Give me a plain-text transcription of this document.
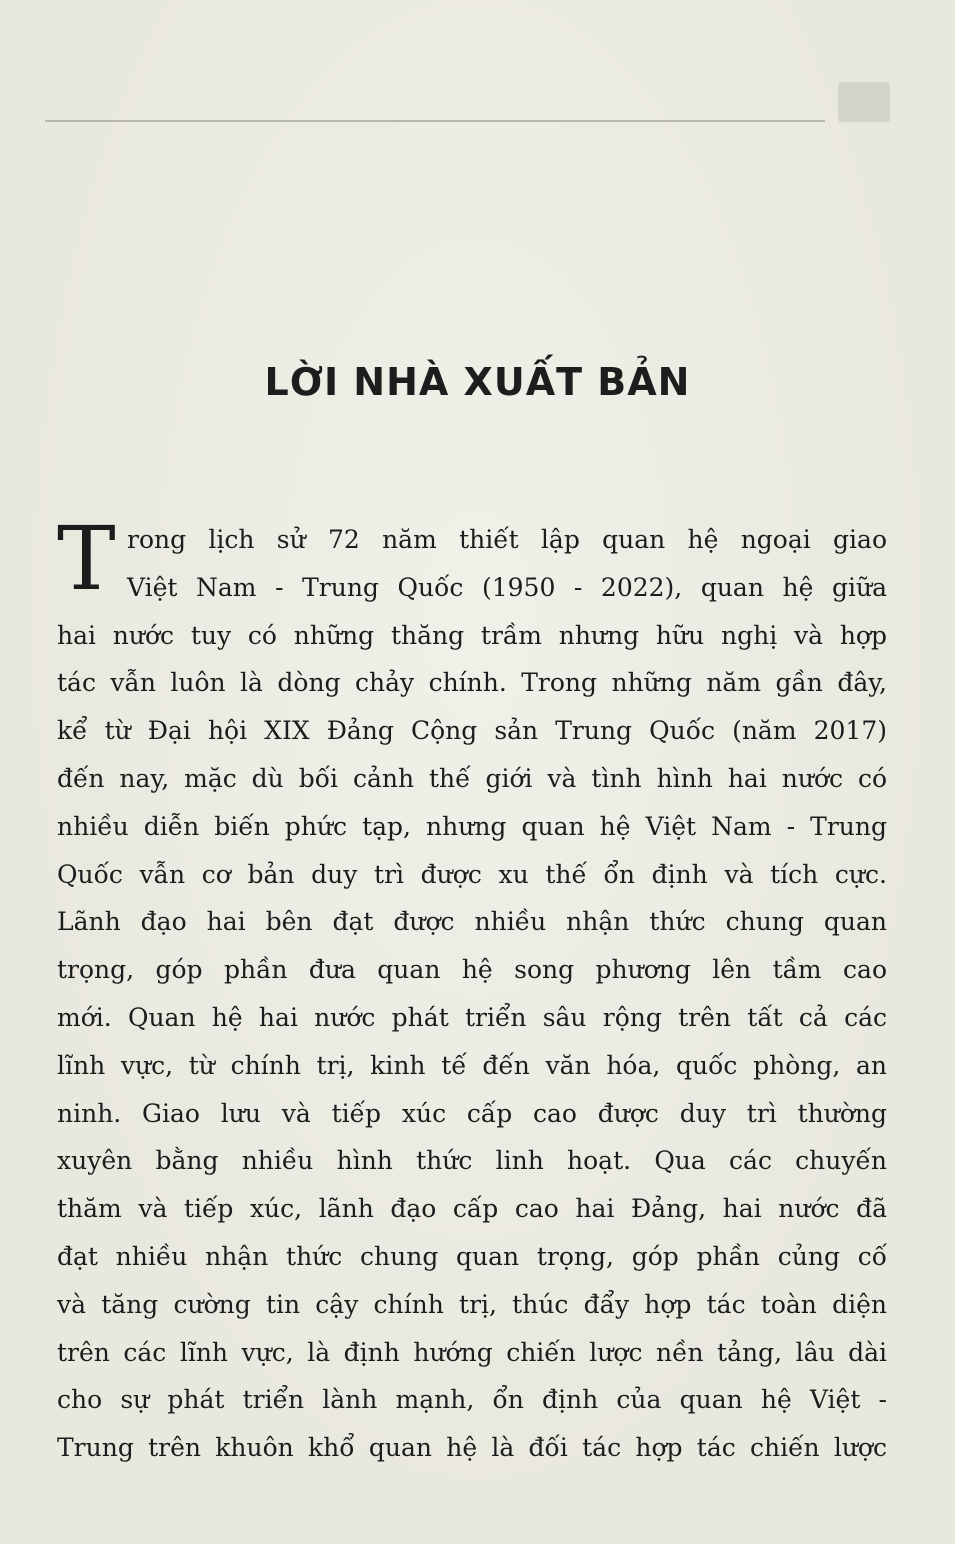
LỜI NHÀ XUẤT BẢN
T rong lịch sử 72 năm thiết lập quan hệ ngoại giao
Việt Nam - Trung Quốc (1950 - 2022), quan hệ giữa
hai nước tuy có những thăng trầm nhưng hữu nghị và hợp
tác vẫn luôn là dòng chảy chính. Trong những năm gần đây,
kể từ Đại hội XIX Đảng Cộng sản Trung Quốc (năm 2017)
đến nay, mặc dù bối cảnh thế giới và tình hình hai nước có
nhiều diễn biến phức tạp, nhưng quan hệ Việt Nam - Trung
Quốc vẫn cơ bản duy trì được xu thế ổn định và tích cực.
Lãnh đạo hai bên đạt được nhiều nhận thức chung quan
trọng, góp phần đưa quan hệ song phương lên tầm cao
mới. Quan hệ hai nước phát triển sâu rộng trên tất cả các
lĩnh vực, từ chính trị, kinh tế đến văn hóa, quốc phòng, an
ninh. Giao lưu và tiếp xúc cấp cao được duy trì thường
xuyên bằng nhiều hình thức linh hoạt. Qua các chuyến
thăm và tiếp xúc, lãnh đạo cấp cao hai Đảng, hai nước đã
đạt nhiều nhận thức chung quan trọng, góp phần củng cố
và tăng cường tin cậy chính trị, thúc đẩy hợp tác toàn diện
trên các lĩnh vực, là định hướng chiến lược nền tảng, lâu dài
cho sự phát triển lành mạnh, ổn định của quan hệ Việt -
Trung trên khuôn khổ quan hệ là đối tác hợp tác chiến lược
